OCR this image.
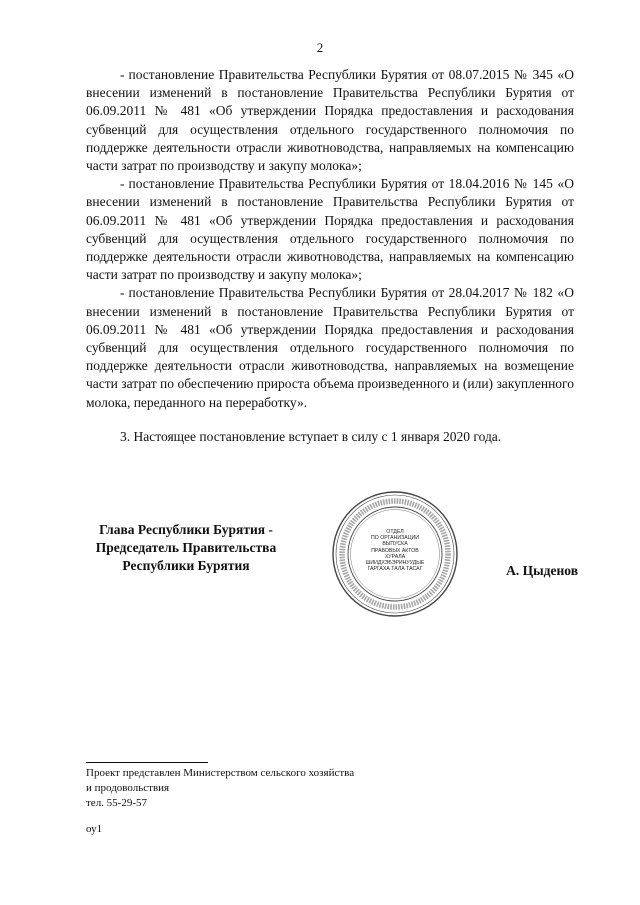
2

- постановление Правительства Республики Бурятия от 08.07.2015 № 345 «О внесении изменений в постановление Правительства Республики Бурятия от 06.09.2011 № 481 «Об утверждении Порядка предоставления и расходования субвенций для осуществления отдельного государственного полномочия по поддержке деятельности отрасли животноводства, направляемых на компенсацию части затрат по производству и закупу молока»;

- постановление Правительства Республики Бурятия от 18.04.2016 № 145 «О внесении изменений в постановление Правительства Республики Бурятия от 06.09.2011 № 481 «Об утверждении Порядка предоставления и расходования субвенций для осуществления отдельного государственного полномочия по поддержке деятельности отрасли животноводства, направляемых на компенсацию части затрат по производству и закупу молока»;

- постановление Правительства Республики Бурятия от 28.04.2017 № 182 «О внесении изменений в постановление Правительства Республики Бурятия от 06.09.2011 № 481 «Об утверждении Порядка предоставления и расходования субвенций для осуществления отдельного государственного полномочия по поддержке деятельности отрасли животноводства, направляемых на возмещение части затрат по обеспечению прироста объема произведенного и (или) закупленного молока, переданного на переработку».

3. Настоящее постановление вступает в силу с 1 января 2020 года.

Глава Республики Бурятия -
Председатель Правительства
Республики Бурятия
ОТДЕЛ
ПО ОРГАНИЗАЦИИ
ВЫПУСКА
ПРАВОВЫХ АКТОВ
ХУРАЛА
ШИИДХЭБЭРИНУУДЫЕ
ГАРГАХА ТАЛА ТАСАГ	А. Цыденов
Проект представлен Министерством сельского хозяйства
и продовольствия
тел. 55-29-57
оу1
